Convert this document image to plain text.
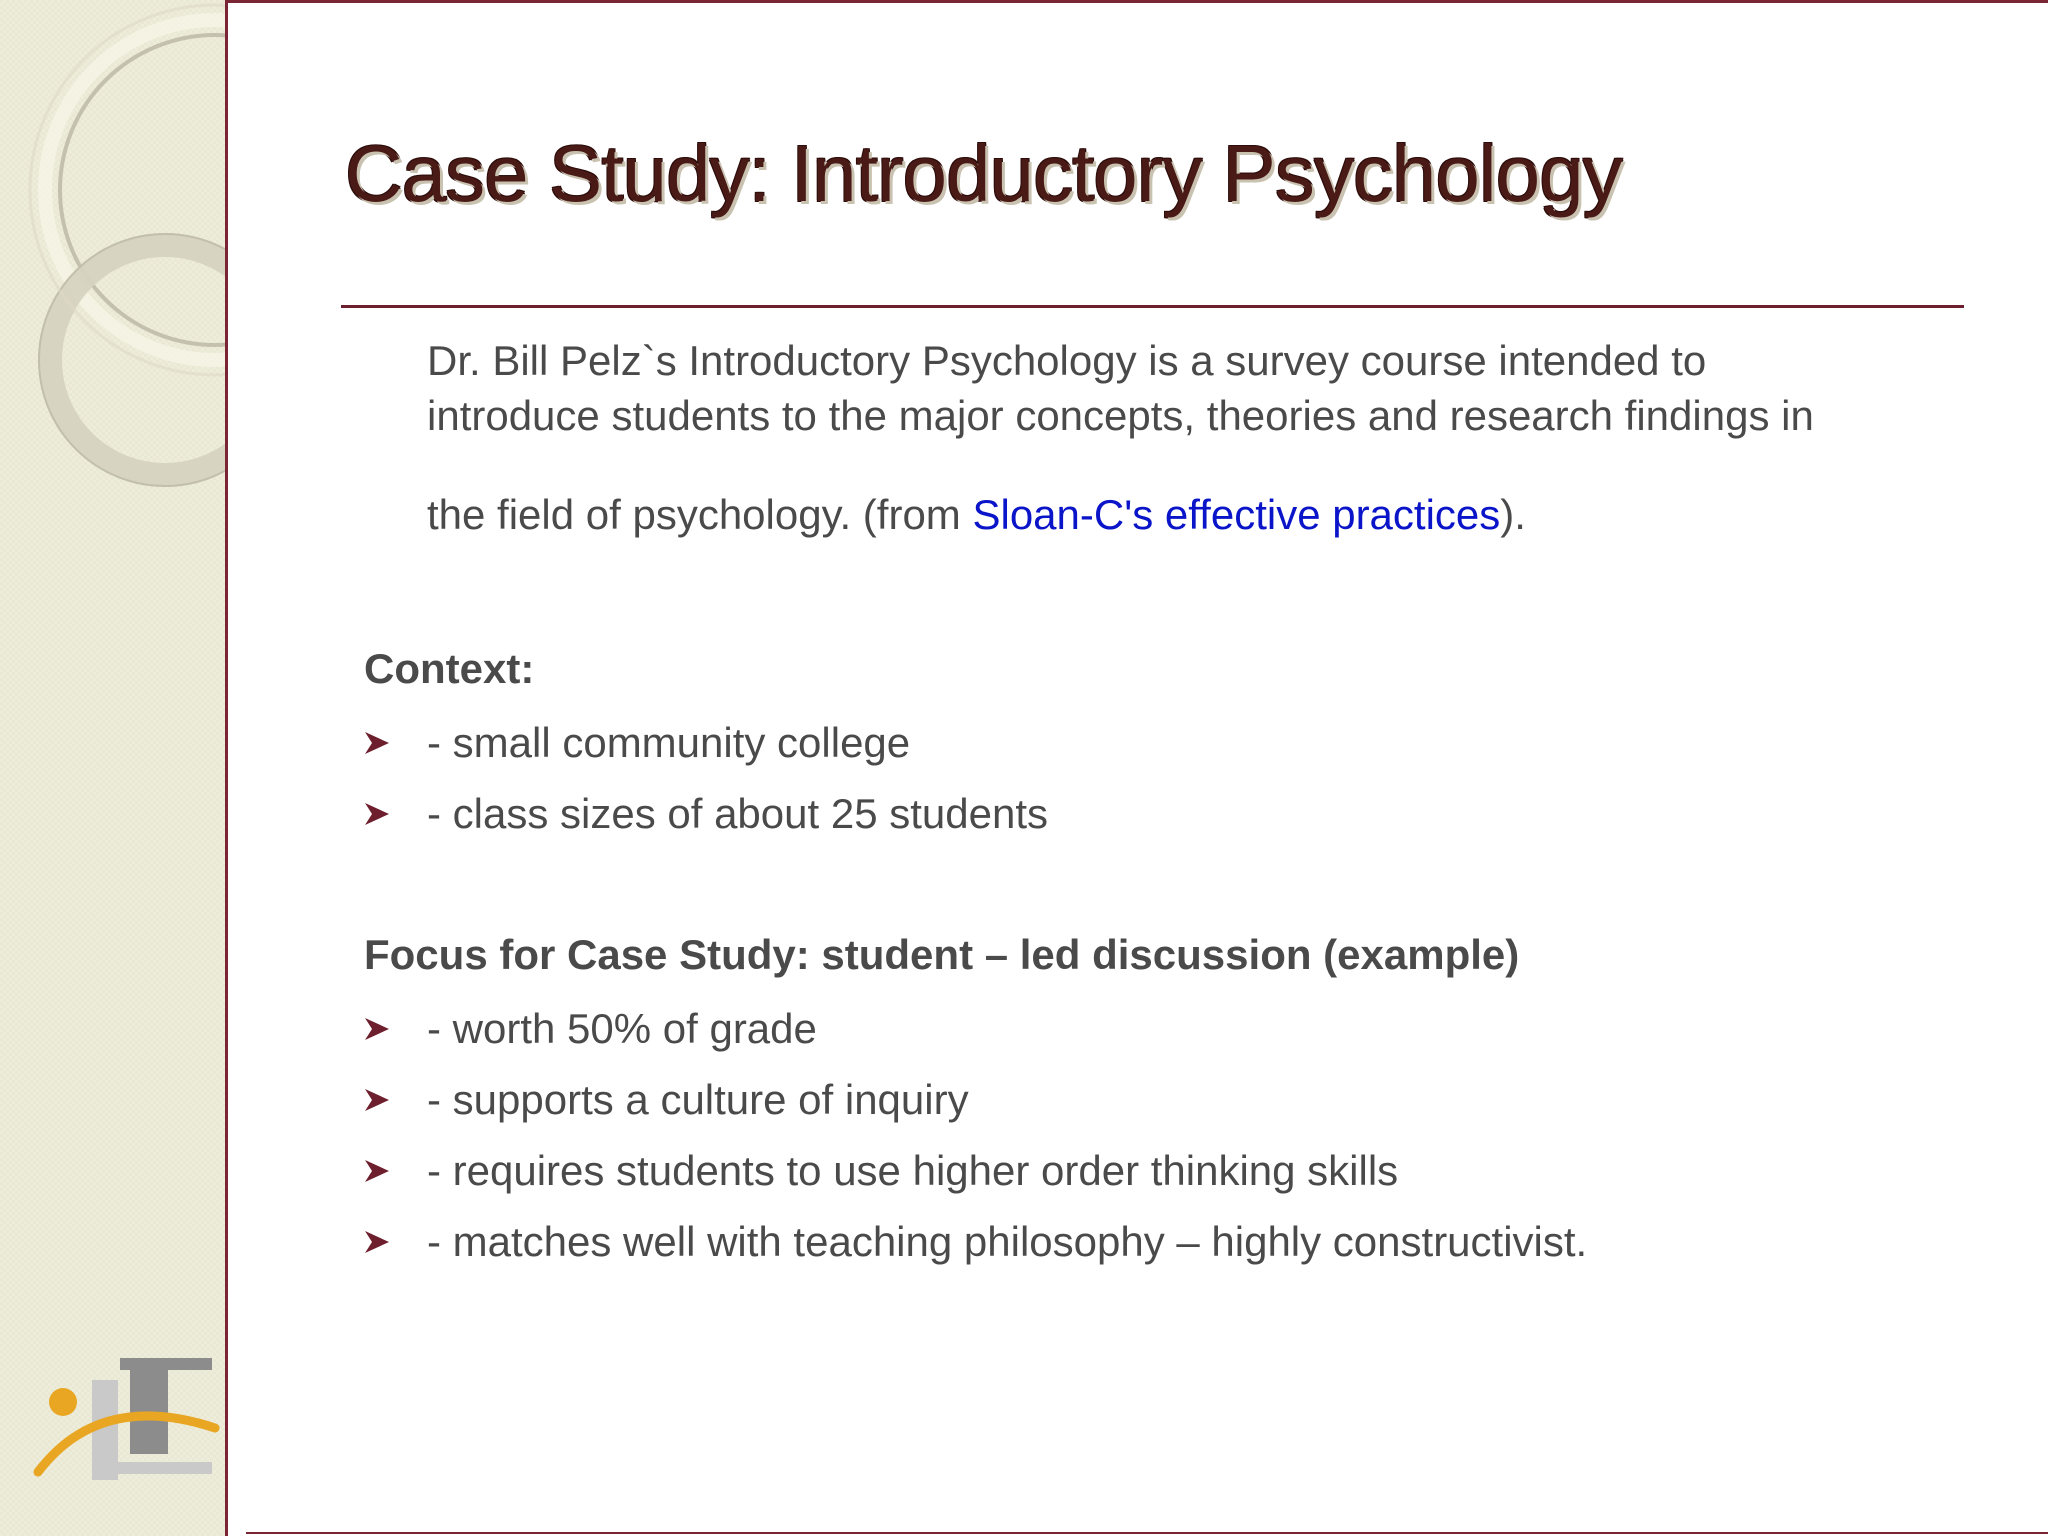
Case Study: Introductory Psychology

Dr. Bill Pelz`s Introductory Psychology is a survey course intended to
introduce students to the major concepts, theories and research findings in
the field of psychology. (from Sloan-C's effective practices).

Context:
- small community college
- class sizes of about 25 students
Focus for Case Study: student – led discussion (example)
- worth 50% of grade
- supports a culture of inquiry
- requires students to use higher order thinking skills
- matches well with teaching philosophy – highly constructivist.
